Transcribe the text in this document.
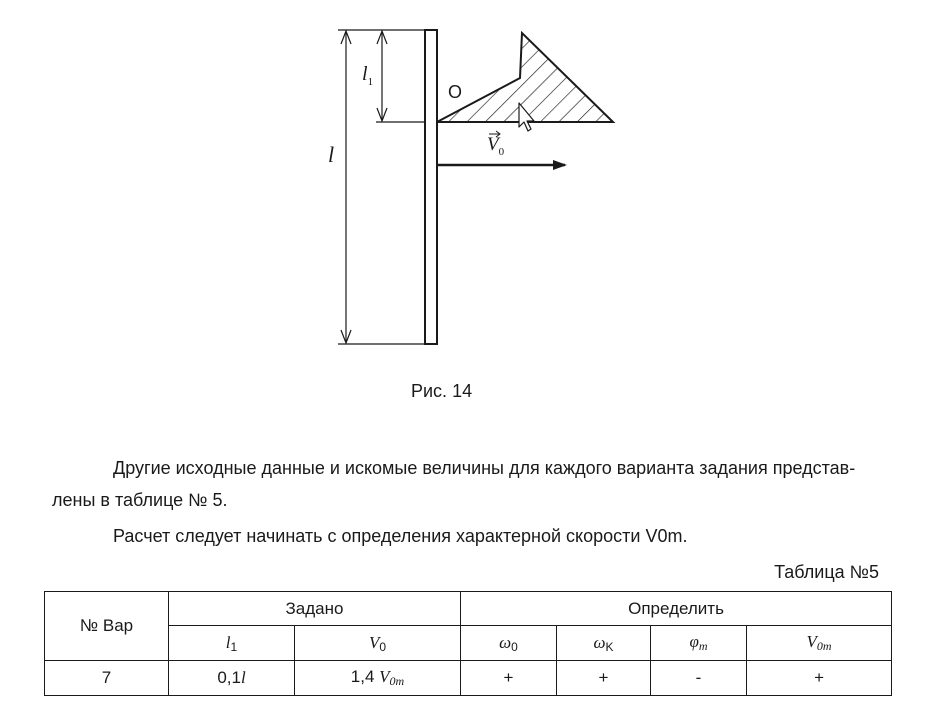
l
$l_1$	O
$V_0$
Рис. 14
Другие исходные данные и искомые величины для каждого варианта задания представ-
лены в таблице № 5.
Расчет следует начинать с определения характерной скорости V0m.
Таблица №5
№ Вар	Задано		Определить			
	$l_1$	$V_0$	$\omega_0$	$\omega_K$	$\varphi_m$	$V_{0m}$
7	0,1l	1,4 $V_{0m}$	+	+	-	+
